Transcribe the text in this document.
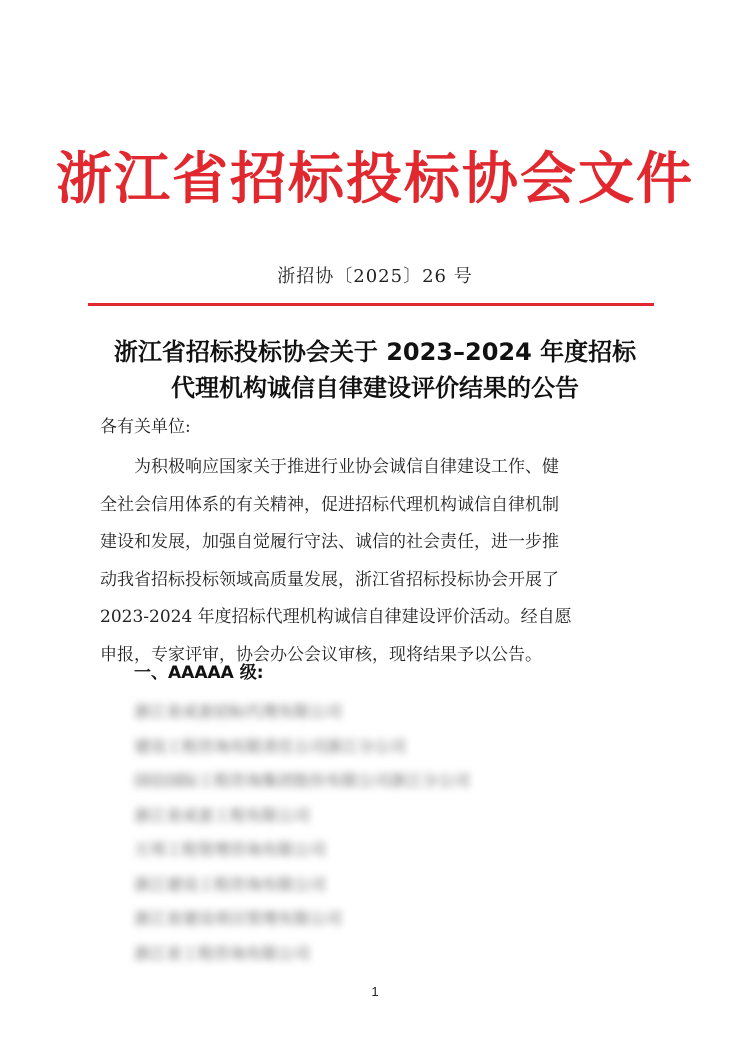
浙江省招标投标协会文件
浙招协〔2025〕26 号
浙江省招标投标协会关于 2023–2024 年度招标
代理机构诚信自律建设评价结果的公告

各有关单位:

为积极响应国家关于推进行业协会诚信自律建设工作、健
全社会信用体系的有关精神，促进招标代理机构诚信自律机制
建设和发展，加强自觉履行守法、诚信的社会责任，进一步推
动我省招标投标领域高质量发展，浙江省招标投标协会开展了
2023-2024 年度招标代理机构诚信自律建设评价活动。经自愿
申报，专家评审，协会办公会议审核，现将结果予以公告。

一、AAAAA 级:
浙江省成套招标代理有限公司
建设工程咨询有限责任公司浙江分公司
国信国际工程咨询集团股份有限公司浙江分公司
浙江省成套工程有限公司
万邦工程管理咨询有限公司
浙江建设工程咨询有限公司
浙江省建设项目管理有限公司
浙江省工程咨询有限公司
1
